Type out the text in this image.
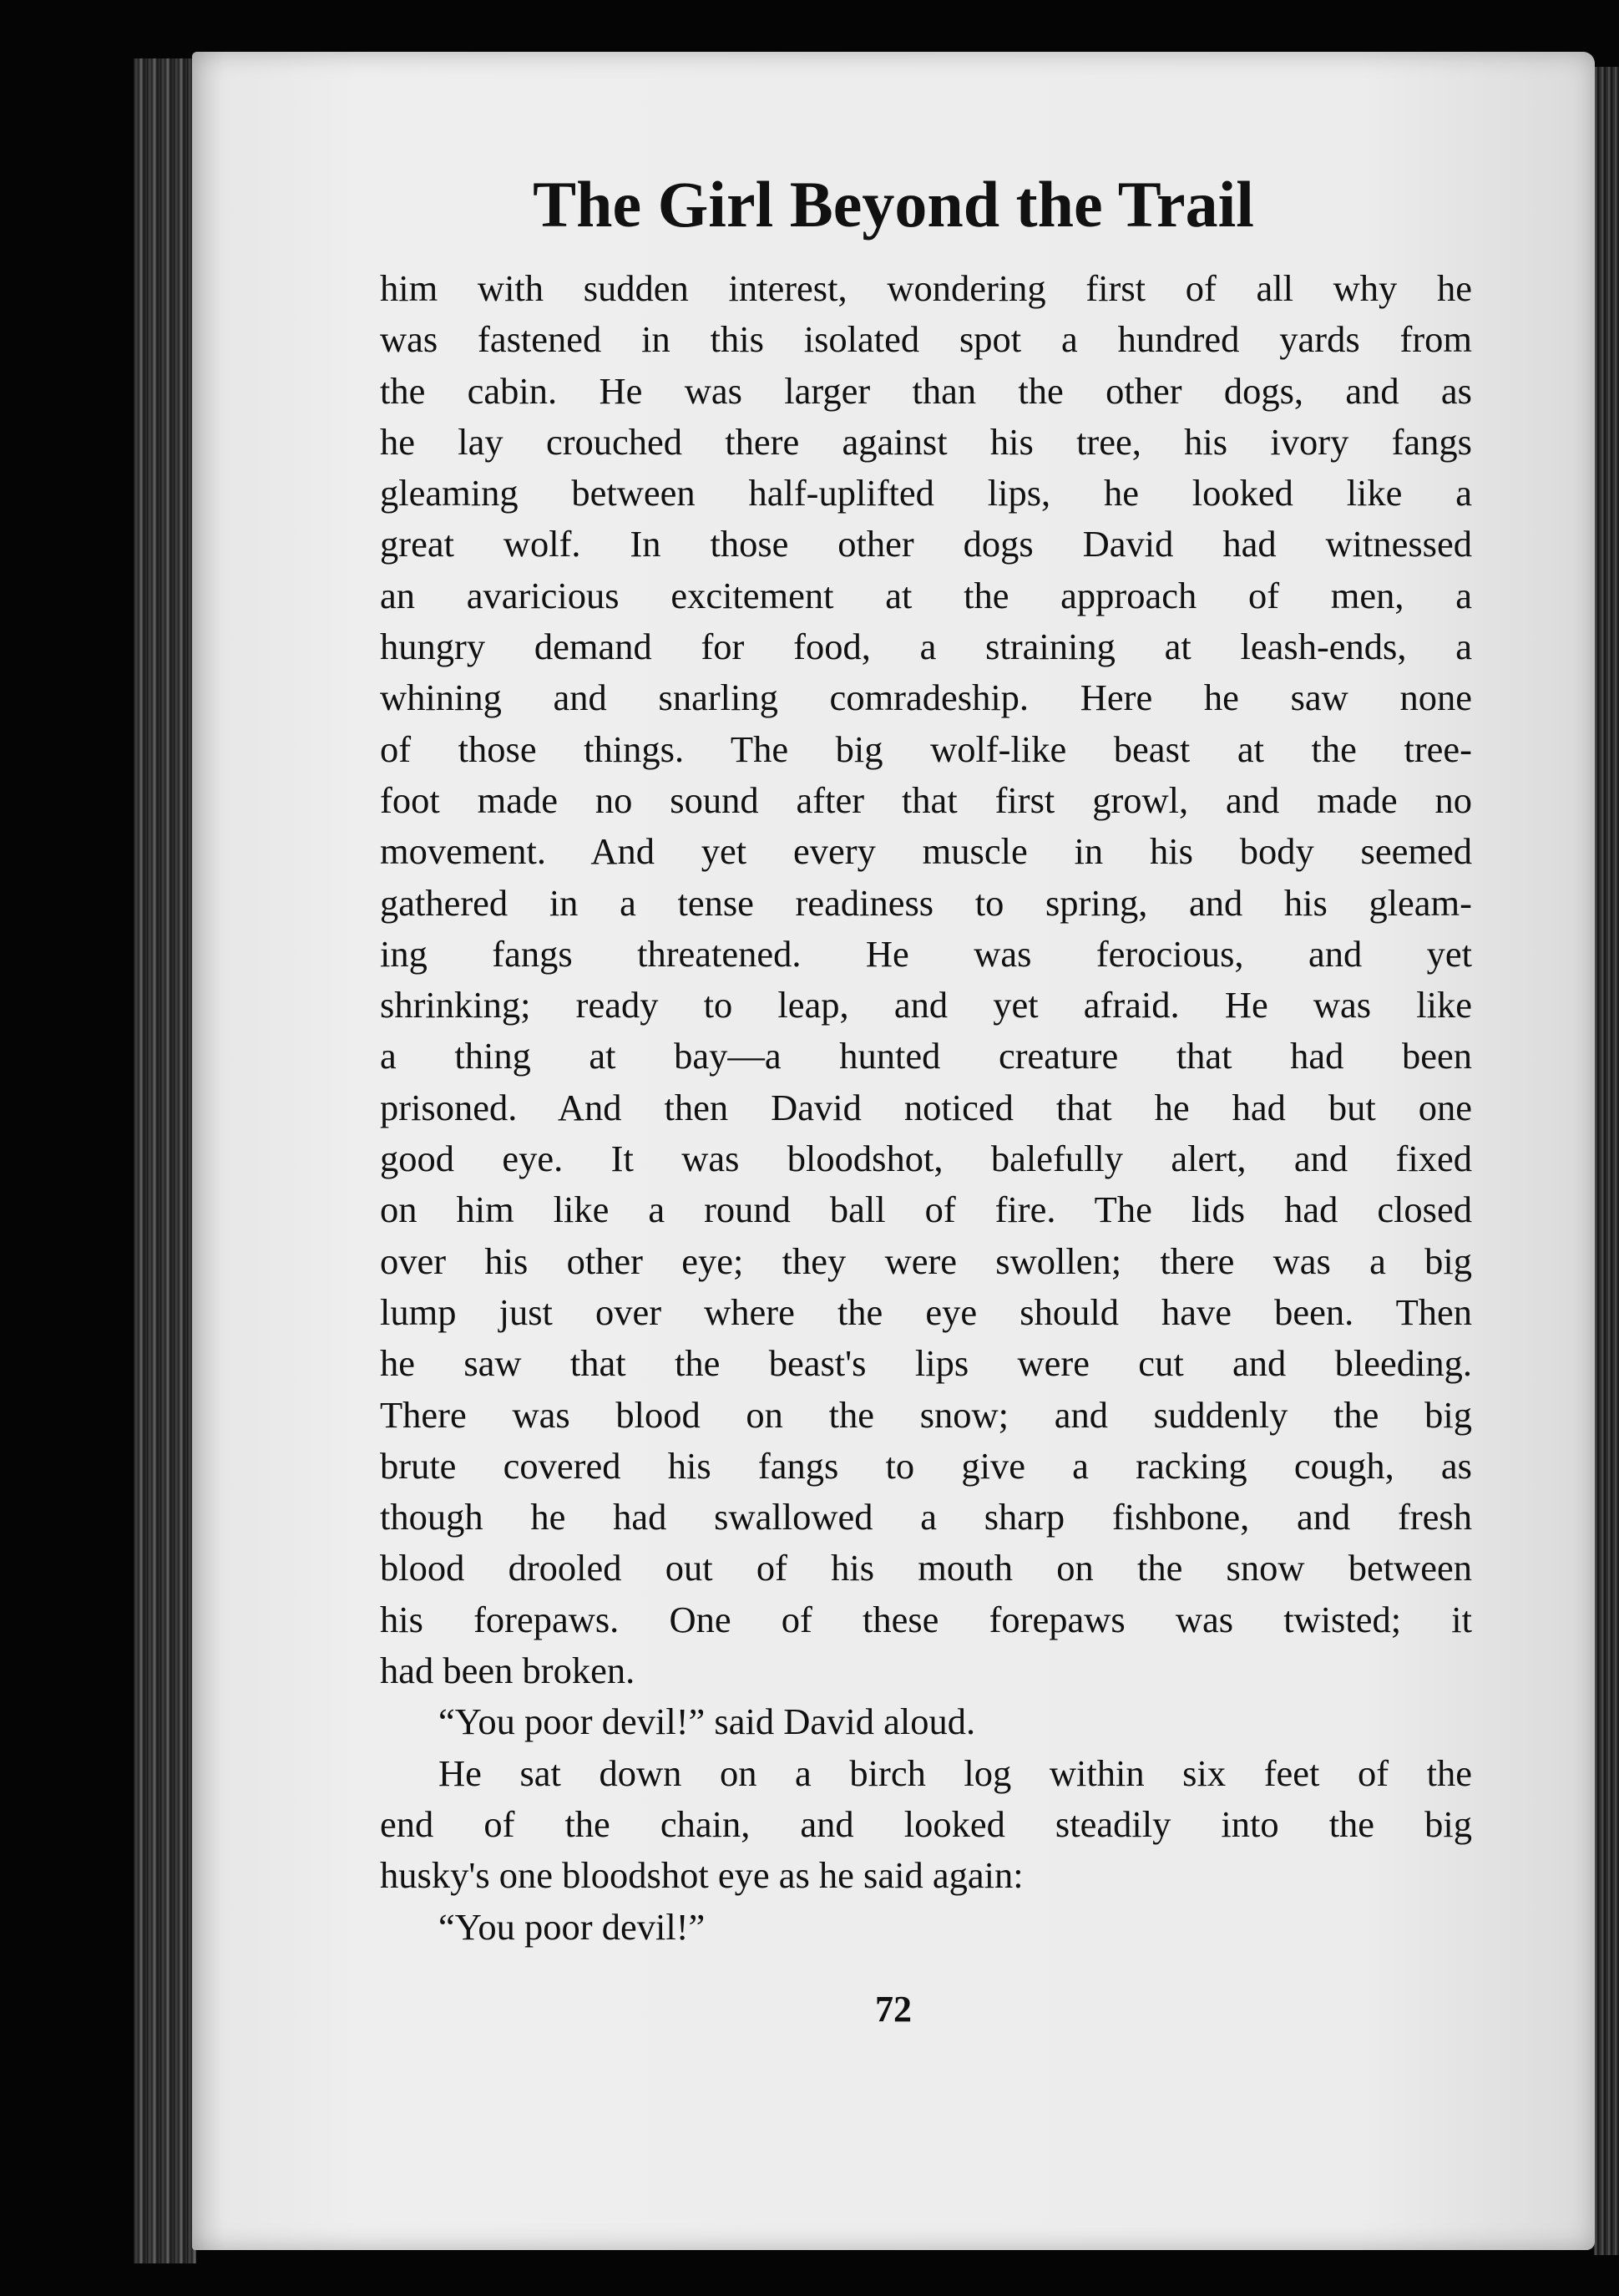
The Girl Beyond the Trail
him with sudden interest, wondering first of all why he
was fastened in this isolated spot a hundred yards from
the cabin. He was larger than the other dogs, and as
he lay crouched there against his tree, his ivory fangs
gleaming between half-uplifted lips, he looked like a
great wolf. In those other dogs David had witnessed
an avaricious excitement at the approach of men, a
hungry demand for food, a straining at leash-ends, a
whining and snarling comradeship. Here he saw none
of those things. The big wolf-like beast at the tree-
foot made no sound after that first growl, and made no
movement. And yet every muscle in his body seemed
gathered in a tense readiness to spring, and his gleam-
ing fangs threatened. He was ferocious, and yet
shrinking; ready to leap, and yet afraid. He was like
a thing at bay—a hunted creature that had been
prisoned. And then David noticed that he had but one
good eye. It was bloodshot, balefully alert, and fixed
on him like a round ball of fire. The lids had closed
over his other eye; they were swollen; there was a big
lump just over where the eye should have been. Then
he saw that the beast's lips were cut and bleeding.
There was blood on the snow; and suddenly the big
brute covered his fangs to give a racking cough, as
though he had swallowed a sharp fishbone, and fresh
blood drooled out of his mouth on the snow between
his forepaws. One of these forepaws was twisted; it
had been broken.
“You poor devil!” said David aloud.
He sat down on a birch log within six feet of the
end of the chain, and looked steadily into the big
husky's one bloodshot eye as he said again:
“You poor devil!”
72
